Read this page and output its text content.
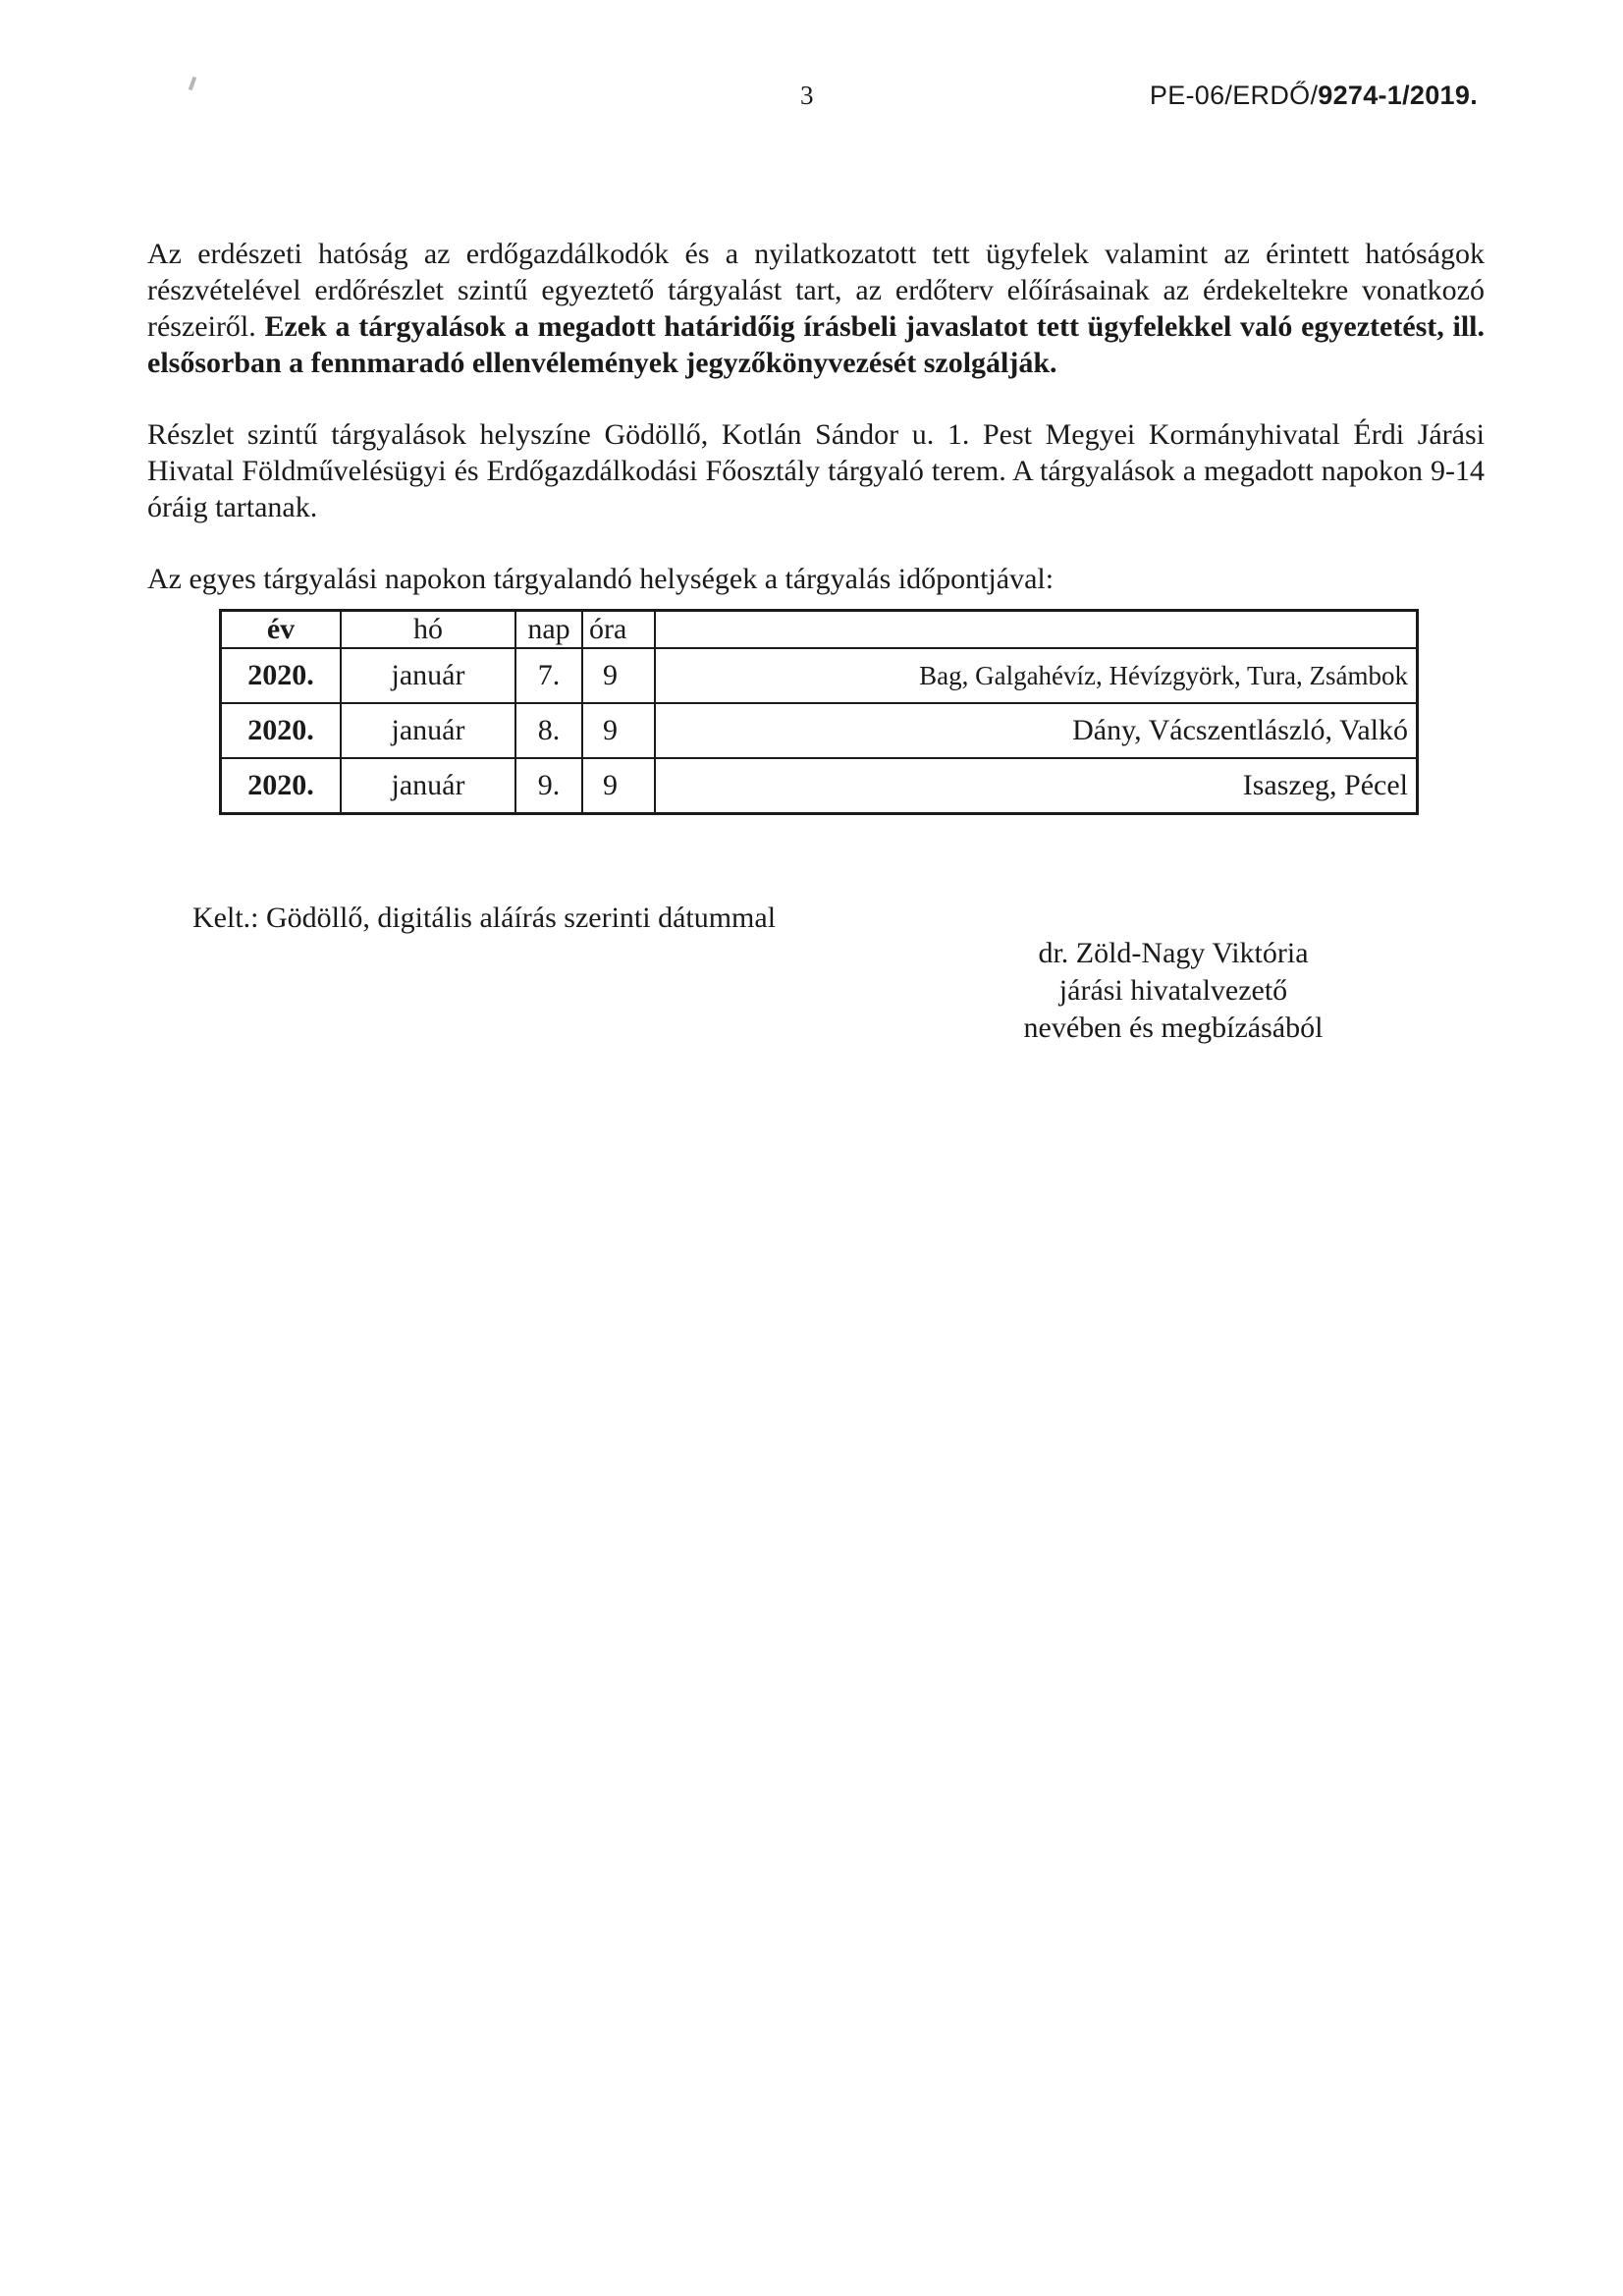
3	PE-06/ERDŐ/9274-1/2019.

Az erdészeti hatóság az erdőgazdálkodók és a nyilatkozatott tett ügyfelek valamint az érintett hatóságok részvételével erdőrészlet szintű egyeztető tárgyalást tart, az erdőterv előírásainak az érdekeltekre vonatkozó részeiről. Ezek a tárgyalások a megadott határidőig írásbeli javaslatot tett ügyfelekkel való egyeztetést, ill. elsősorban a fennmaradó ellenvélemények jegyzőkönyvezését szolgálják.

Részlet szintű tárgyalások helyszíne Gödöllő, Kotlán Sándor u. 1. Pest Megyei Kormányhivatal Érdi Járási Hivatal Földművelésügyi és Erdőgazdálkodási Főosztály tárgyaló terem. A tárgyalások a megadott napokon 9-14 óráig tartanak.

Az egyes tárgyalási napokon tárgyalandó helységek a tárgyalás időpontjával:

év	hó	nap	óra	
2020.	január	7.	9	Bag, Galgahévíz, Hévízgyörk, Tura, Zsámbok
2020.	január	8.	9	Dány, Vácszentlászló, Valkó
2020.	január	9.	9	Isaszeg, Pécel
Kelt.: Gödöllő, digitális aláírás szerinti dátummal
dr. Zöld-Nagy Viktória
járási hivatalvezető
nevében és megbízásából
